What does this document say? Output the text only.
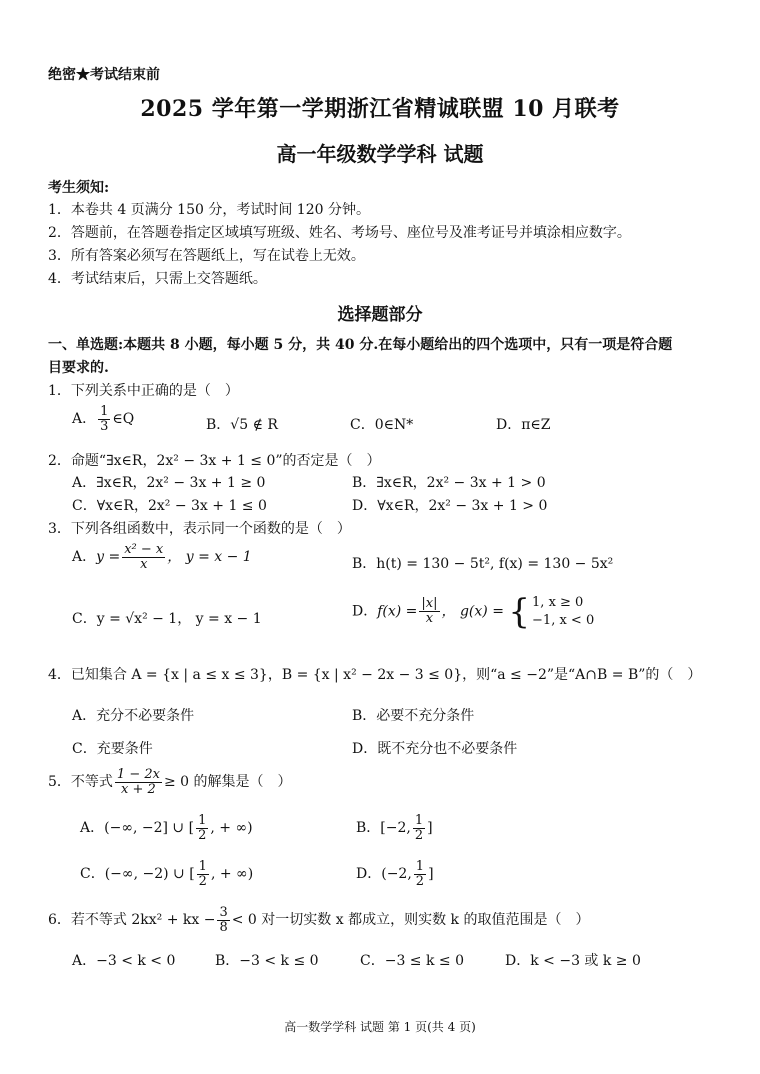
绝密★考试结束前
2025 学年第一学期浙江省精诚联盟 10 月联考
高一年级数学学科 试题
考生须知:
1．本卷共 4 页满分 150 分，考试时间 120 分钟。
2．答题前，在答题卷指定区域填写班级、姓名、考场号、座位号及准考证号并填涂相应数字。
3．所有答案必须写在答题纸上，写在试卷上无效。
4．考试结束后，只需上交答题纸。
选择题部分
一、单选题:本题共 8 小题，每小题 5 分，共 40 分.在每小题给出的四个选项中，只有一项是符合题
目要求的.
1．下列关系中正确的是（　）
A． $\frac{1}{3}$ ∈Q	B．√5 ∉ R	C．0∈N*	D．π∈Z
2．命题“∃x∈R，2x² − 3x + 1 ≤ 0”的否定是（　）
A．∃x∈R，2x² − 3x + 1 ≥ 0	B．∃x∈R，2x² − 3x + 1 > 0
C．∀x∈R，2x² − 3x + 1 ≤ 0	D．∀x∈R，2x² − 3x + 1 > 0
3．下列各组函数中，表示同一个函数的是（　）
A．$y = \frac{\text{x² − x}}{x}$ ， y = x − 1	B．h(t) = 130 − 5t², f(x) = 130 − 5x²
C．y = √x² − 1， y = x − 1	D．$f(x) = \frac{|x|}{x}$ ， g(x) = { 1, x ≥ 0
−1, x < 0
4．已知集合 A = {x | a ≤ x ≤ 3}，B = {x | x² − 2x − 3 ≤ 0}，则“a ≤ −2”是“A∩B = B”的（　）
A．充分不必要条件	B．必要不充分条件
C．充要条件	D．既不充分也不必要条件
5．不等式 $\frac{1 - 2x}{x + 2} \ge 0$ 的解集是（　）
A．(−∞, −2] ∪ [ $\frac{1}{2}$ , + ∞)	B．[−2, $\frac{1}{2}$ ]
C．(−∞, −2) ∪ [ $\frac{1}{2}$ , + ∞)	D．(−2, $\frac{1}{2}$ ]
6．若不等式 2kx² + kx − $\frac{3}{8} < 0$ 对一切实数 x 都成立，则实数 k 的取值范围是（　）
A．−3 < k < 0	B．−3 < k ≤ 0	C．−3 ≤ k ≤ 0	D．k < −3 或 k ≥ 0
高一数学学科 试题 第 1 页(共 4 页)
